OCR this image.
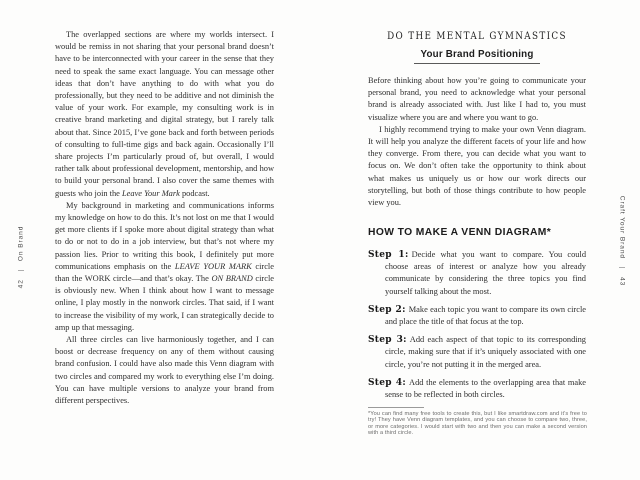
42 | On Brand

The overlapped sections are where my worlds intersect. I would be remiss in not sharing that your personal brand doesn’t have to be interconnected with your career in the sense that they need to speak the same exact language. You can message other ideas that don’t have anything to do with what you do professionally, but they need to be additive and not diminish the value of your work. For example, my consulting work is in creative brand marketing and digital strategy, but I rarely talk about that. Since 2015, I’ve gone back and forth between periods of consulting to full-time gigs and back again. Occasionally I’ll share projects I’m particularly proud of, but overall, I would rather talk about professional development, mentorship, and how to build your personal brand. I also cover the same themes with guests who join the Leave Your Mark podcast.

My background in marketing and communications informs my knowledge on how to do this. It’s not lost on me that I would get more clients if I spoke more about digital strategy than what to do or not to do in a job interview, but that’s not where my passion lies. Prior to writing this book, I definitely put more communications emphasis on the LEAVE YOUR MARK circle than the WORK circle—and that’s okay. The ON BRAND circle is obviously new. When I think about how I want to message online, I play mostly in the nonwork circles. That said, if I want to increase the visibility of my work, I can strategically decide to amp up that messaging.

All three circles can live harmoniously together, and I can boost or decrease frequency on any of them without causing brand confusion. I could have also made this Venn diagram with two circles and compared my work to everything else I’m doing. You can have multiple versions to analyze your brand from different perspectives.

DO THE MENTAL GYMNASTICS
Your Brand Positioning

Before thinking about how you’re going to communicate your personal brand, you need to acknowledge what your personal brand is already associated with. Just like I had to, you must visualize where you are and where you want to go.

I highly recommend trying to make your own Venn diagram. It will help you analyze the different facets of your life and how they converge. From there, you can decide what you want to focus on. We don’t often take the opportunity to think about what makes us uniquely us or how our work directs our storytelling, but both of those things contribute to how people view you.

HOW TO MAKE A VENN DIAGRAM*

Step 1: Decide what you want to compare. You could choose areas of interest or analyze how you already communicate by considering the three topics you find yourself talking about the most.

Step 2: Make each topic you want to compare its own circle and place the title of that focus at the top.

Step 3: Add each aspect of that topic to its corresponding circle, making sure that if it’s uniquely associated with one circle, you’re not putting it in the merged area.

Step 4: Add the elements to the overlapping area that make sense to be reflected in both circles.

*You can find many free tools to create this, but I like smartdraw.com and it’s free to try! They have Venn diagram templates, and you can choose to compare two, three, or more categories. I would start with two and then you can make a second version with a third circle.

Craft Your Brand | 43
